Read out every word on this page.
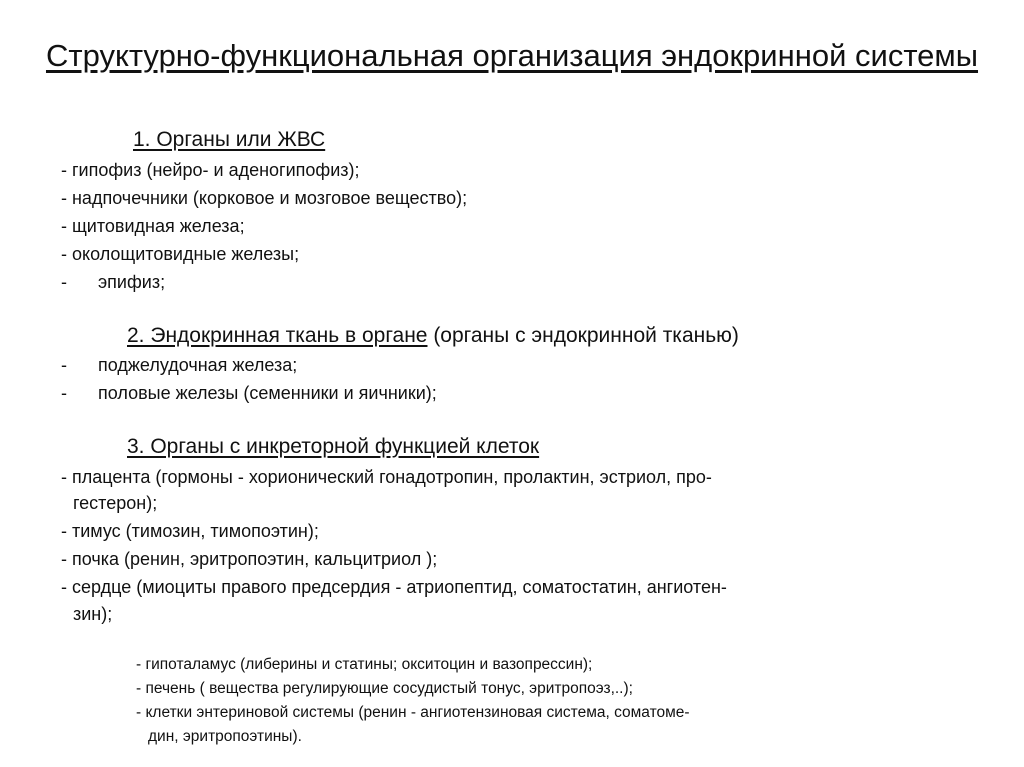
Структурно-функциональная организация эндокринной системы
1. Органы или ЖВС
- гипофиз (нейро- и аденогипофиз);
- надпочечники (корковое и мозговое вещество);
- щитовидная железа;
- околощитовидные железы;
- эпифиз;
2. Эндокринная ткань в органе (органы с эндокринной тканью)
- поджелудочная железа;
- половые железы (семенники и яичники);
3. Органы с инкреторной функцией клеток
- плацента (гормоны - хорионический гонадотропин, пролактин, эстриол, про-
гестерон);
- тимус (тимозин, тимопоэтин);
- почка (ренин, эритропоэтин, кальцитриол );
- сердце (миоциты правого предсердия - атриопептид, соматостатин, ангиотен-
зин);
- гипоталамус (либерины и статины; окситоцин и вазопрессин);
- печень ( вещества регулирующие сосудистый тонус, эритропоэз,..);
- клетки энтериновой системы (ренин - ангиотензиновая система, соматоме-
дин, эритропоэтины).
